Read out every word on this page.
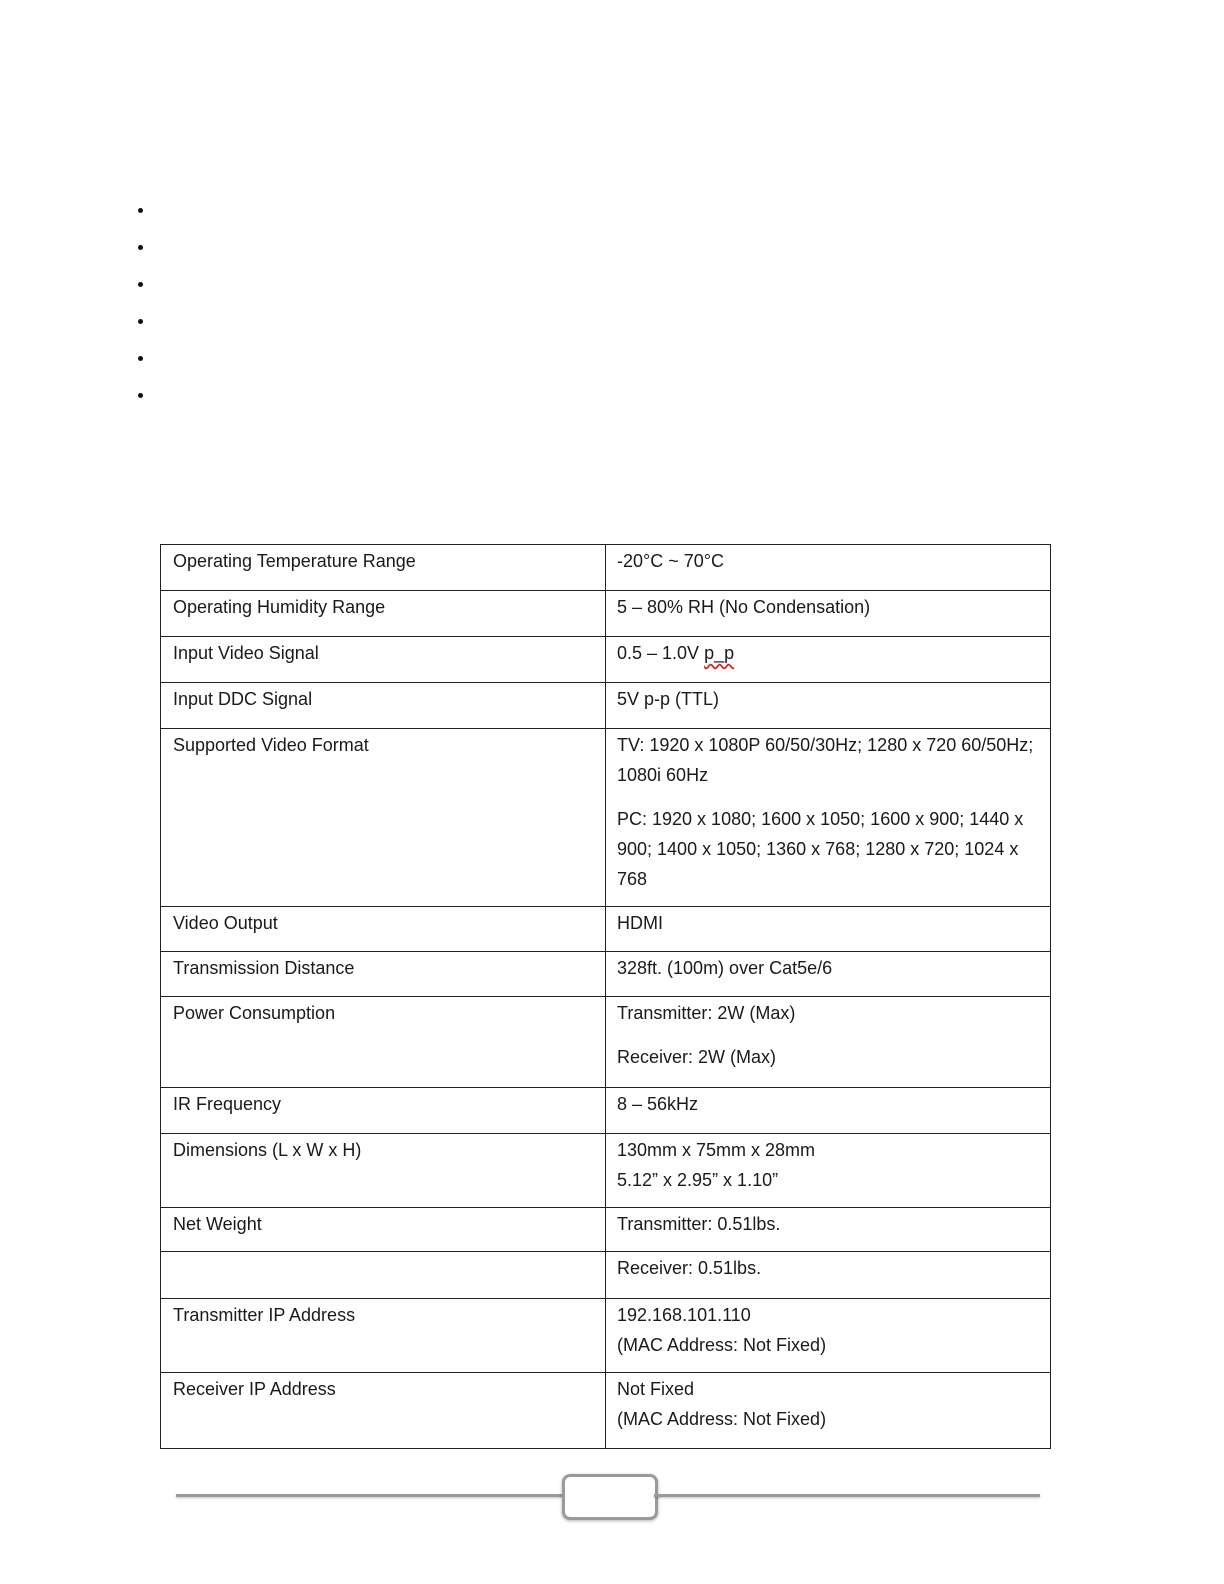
Operating Temperature Range	-20°C ~ 70°C

Operating Humidity Range	5 – 80% RH (No Condensation)

Input Video Signal	0.5 – 1.0V p_p

Input DDC Signal	5V p-p (TTL)

Supported Video Format	TV: 1920 x 1080P 60/50/30Hz; 1280 x 720 60/50Hz; 1080i 60Hz
PC: 1920 x 1080; 1600 x 1050; 1600 x 900; 1440 x 900; 1400 x 1050; 1360 x 768; 1280 x 720; 1024 x 768

Video Output	HDMI

Transmission Distance	328ft. (100m) over Cat5e/6

Power Consumption	Transmitter: 2W (Max)
Receiver: 2W (Max)

IR Frequency	8 – 56kHz

Dimensions (L x W x H)	130mm x 75mm x 28mm
5.12” x 2.95” x 1.10”

Net Weight	Transmitter: 0.51lbs.

	Receiver: 0.51lbs.

Transmitter IP Address	192.168.101.110
(MAC Address: Not Fixed)

Receiver IP Address	Not Fixed
(MAC Address: Not Fixed)
